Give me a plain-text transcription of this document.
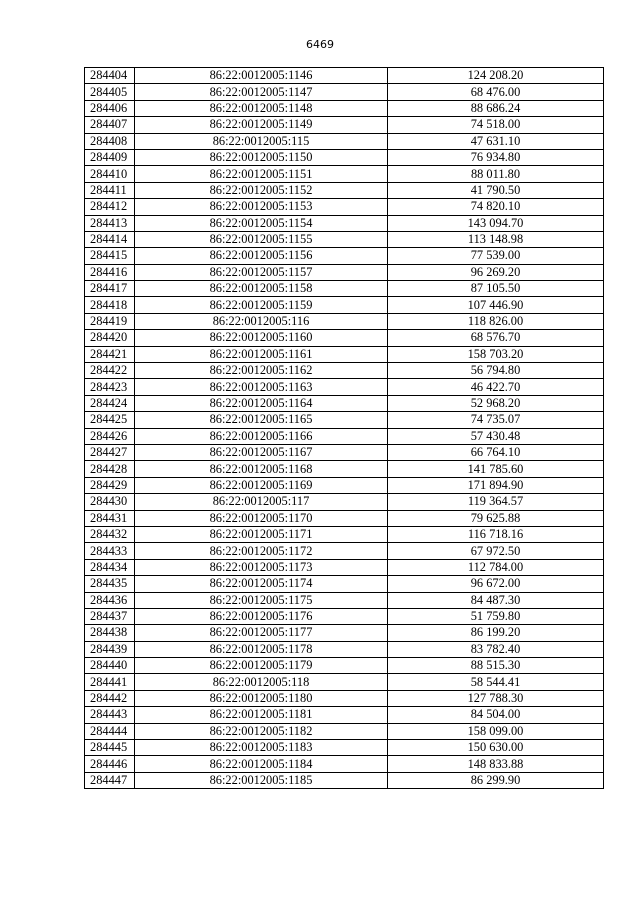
6469
284404	86:22:0012005:1146	124 208.20
284405	86:22:0012005:1147	68 476.00
284406	86:22:0012005:1148	88 686.24
284407	86:22:0012005:1149	74 518.00
284408	86:22:0012005:115	47 631.10
284409	86:22:0012005:1150	76 934.80
284410	86:22:0012005:1151	88 011.80
284411	86:22:0012005:1152	41 790.50
284412	86:22:0012005:1153	74 820.10
284413	86:22:0012005:1154	143 094.70
284414	86:22:0012005:1155	113 148.98
284415	86:22:0012005:1156	77 539.00
284416	86:22:0012005:1157	96 269.20
284417	86:22:0012005:1158	87 105.50
284418	86:22:0012005:1159	107 446.90
284419	86:22:0012005:116	118 826.00
284420	86:22:0012005:1160	68 576.70
284421	86:22:0012005:1161	158 703.20
284422	86:22:0012005:1162	56 794.80
284423	86:22:0012005:1163	46 422.70
284424	86:22:0012005:1164	52 968.20
284425	86:22:0012005:1165	74 735.07
284426	86:22:0012005:1166	57 430.48
284427	86:22:0012005:1167	66 764.10
284428	86:22:0012005:1168	141 785.60
284429	86:22:0012005:1169	171 894.90
284430	86:22:0012005:117	119 364.57
284431	86:22:0012005:1170	79 625.88
284432	86:22:0012005:1171	116 718.16
284433	86:22:0012005:1172	67 972.50
284434	86:22:0012005:1173	112 784.00
284435	86:22:0012005:1174	96 672.00
284436	86:22:0012005:1175	84 487.30
284437	86:22:0012005:1176	51 759.80
284438	86:22:0012005:1177	86 199.20
284439	86:22:0012005:1178	83 782.40
284440	86:22:0012005:1179	88 515.30
284441	86:22:0012005:118	58 544.41
284442	86:22:0012005:1180	127 788.30
284443	86:22:0012005:1181	84 504.00
284444	86:22:0012005:1182	158 099.00
284445	86:22:0012005:1183	150 630.00
284446	86:22:0012005:1184	148 833.88
284447	86:22:0012005:1185	86 299.90
